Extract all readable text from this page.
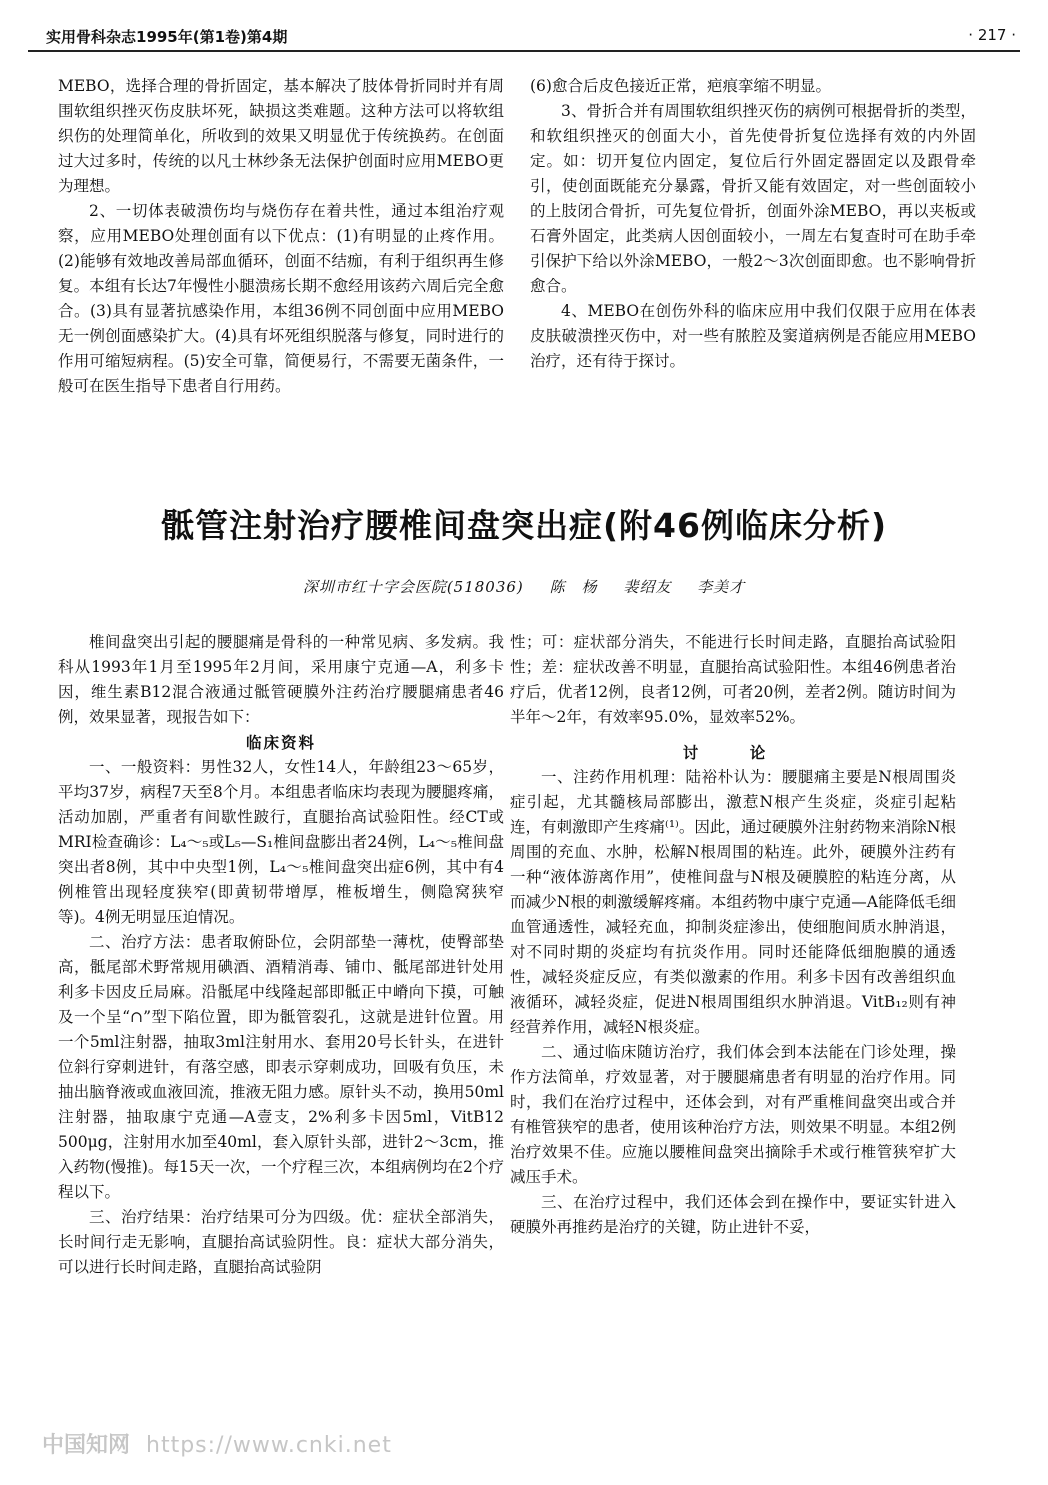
实用骨科杂志1995年(第1卷)第4期	· 217 ·

MEBO，选择合理的骨折固定，基本解决了肢体骨折同时并有周围软组织挫灭伤皮肤坏死，缺损这类难题。这种方法可以将软组织伤的处理简单化，所收到的效果又明显优于传统换药。在创面过大过多时，传统的以凡士林纱条无法保护创面时应用MEBO更为理想。

2、一切体表破溃伤均与烧伤存在着共性，通过本组治疗观察，应用MEBO处理创面有以下优点：(1)有明显的止疼作用。(2)能够有效地改善局部血循环，创面不结痂，有利于组织再生修复。本组有长达7年慢性小腿溃疡长期不愈经用该药六周后完全愈合。(3)具有显著抗感染作用，本组36例不同创面中应用MEBO无一例创面感染扩大。(4)具有坏死组织脱落与修复，同时进行的作用可缩短病程。(5)安全可靠，简便易行，不需要无菌条件，一般可在医生指导下患者自行用药。

(6)愈合后皮色接近正常，疤痕挛缩不明显。

3、骨折合并有周围软组织挫灭伤的病例可根据骨折的类型，和软组织挫灭的创面大小，首先使骨折复位选择有效的内外固定。如：切开复位内固定，复位后行外固定器固定以及跟骨牵引，使创面既能充分暴露，骨折又能有效固定，对一些创面较小的上肢闭合骨折，可先复位骨折，创面外涂MEBO，再以夹板或石膏外固定，此类病人因创面较小，一周左右复查时可在助手牵引保护下给以外涂MEBO，一般2～3次创面即愈。也不影响骨折愈合。

4、MEBO在创伤外科的临床应用中我们仅限于应用在体表皮肤破溃挫灭伤中，对一些有脓腔及窦道病例是否能应用MEBO治疗，还有待于探讨。

骶管注射治疗腰椎间盘突出症(附46例临床分析)
深圳市红十字会医院(518036) 陈　杨 裴绍友 李美才

椎间盘突出引起的腰腿痛是骨科的一种常见病、多发病。我科从1993年1月至1995年2月间，采用康宁克通—A，利多卡因，维生素B12混合液通过骶管硬膜外注药治疗腰腿痛患者46例，效果显著，现报告如下：

临床资料

一、一般资料：男性32人，女性14人，年龄组23～65岁，平均37岁，病程7天至8个月。本组患者临床均表现为腰腿疼痛，活动加剧，严重者有间歇性跛行，直腿抬高试验阳性。经CT或MRI检查确诊：L₄～₅或L₅—S₁椎间盘膨出者24例，L₄～₅椎间盘突出者8例，其中中央型1例，L₄～₅椎间盘突出症6例，其中有4例椎管出现轻度狭窄(即黄韧带增厚，椎板增生，侧隐窝狭窄等)。4例无明显压迫情况。

二、治疗方法：患者取俯卧位，会阴部垫一薄枕，使臀部垫高，骶尾部术野常规用碘酒、酒精消毒、铺巾、骶尾部进针处用利多卡因皮丘局麻。沿骶尾中线隆起部即骶正中嵴向下摸，可触及一个呈“∩”型下陷位置，即为骶管裂孔，这就是进针位置。用一个5ml注射器，抽取3ml注射用水、套用20号长针头，在进针位斜行穿刺进针，有落空感，即表示穿刺成功，回吸有负压，未抽出脑脊液或血液回流，推液无阻力感。原针头不动，换用50ml注射器，抽取康宁克通—A壹支，2%利多卡因5ml，VitB12 500μg，注射用水加至40ml，套入原针头部，进针2～3cm，推入药物(慢推)。每15天一次，一个疗程三次，本组病例均在2个疗程以下。

三、治疗结果：治疗结果可分为四级。优：症状全部消失，长时间行走无影响，直腿抬高试验阴性。良：症状大部分消失，可以进行长时间走路，直腿抬高试验阴

性；可：症状部分消失，不能进行长时间走路，直腿抬高试验阳性；差：症状改善不明显，直腿抬高试验阳性。本组46例患者治疗后，优者12例，良者12例，可者20例，差者2例。随访时间为半年～2年，有效率95.0%，显效率52%。

讨　论

一、注药作用机理：陆裕朴认为：腰腿痛主要是N根周围炎症引起，尤其髓核局部膨出，激惹N根产生炎症，炎症引起粘连，有刺激即产生疼痛⁽¹⁾。因此，通过硬膜外注射药物来消除N根周围的充血、水肿，松解N根周围的粘连。此外，硬膜外注药有一种“液体游离作用”，使椎间盘与N根及硬膜腔的粘连分离，从而减少N根的刺激缓解疼痛。本组药物中康宁克通—A能降低毛细血管通透性，减轻充血，抑制炎症渗出，使细胞间质水肿消退，对不同时期的炎症均有抗炎作用。同时还能降低细胞膜的通透性，减轻炎症反应，有类似激素的作用。利多卡因有改善组织血液循环，减轻炎症，促进N根周围组织水肿消退。VitB₁₂则有神经营养作用，减轻N根炎症。

二、通过临床随访治疗，我们体会到本法能在门诊处理，操作方法简单，疗效显著，对于腰腿痛患者有明显的治疗作用。同时，我们在治疗过程中，还体会到，对有严重椎间盘突出或合并有椎管狭窄的患者，使用该种治疗方法，则效果不明显。本组2例治疗效果不佳。应施以腰椎间盘突出摘除手术或行椎管狭窄扩大减压手术。

三、在治疗过程中，我们还体会到在操作中，要证实针进入硬膜外再推药是治疗的关键，防止进针不妥，

中国知网 https://www.cnki.net
